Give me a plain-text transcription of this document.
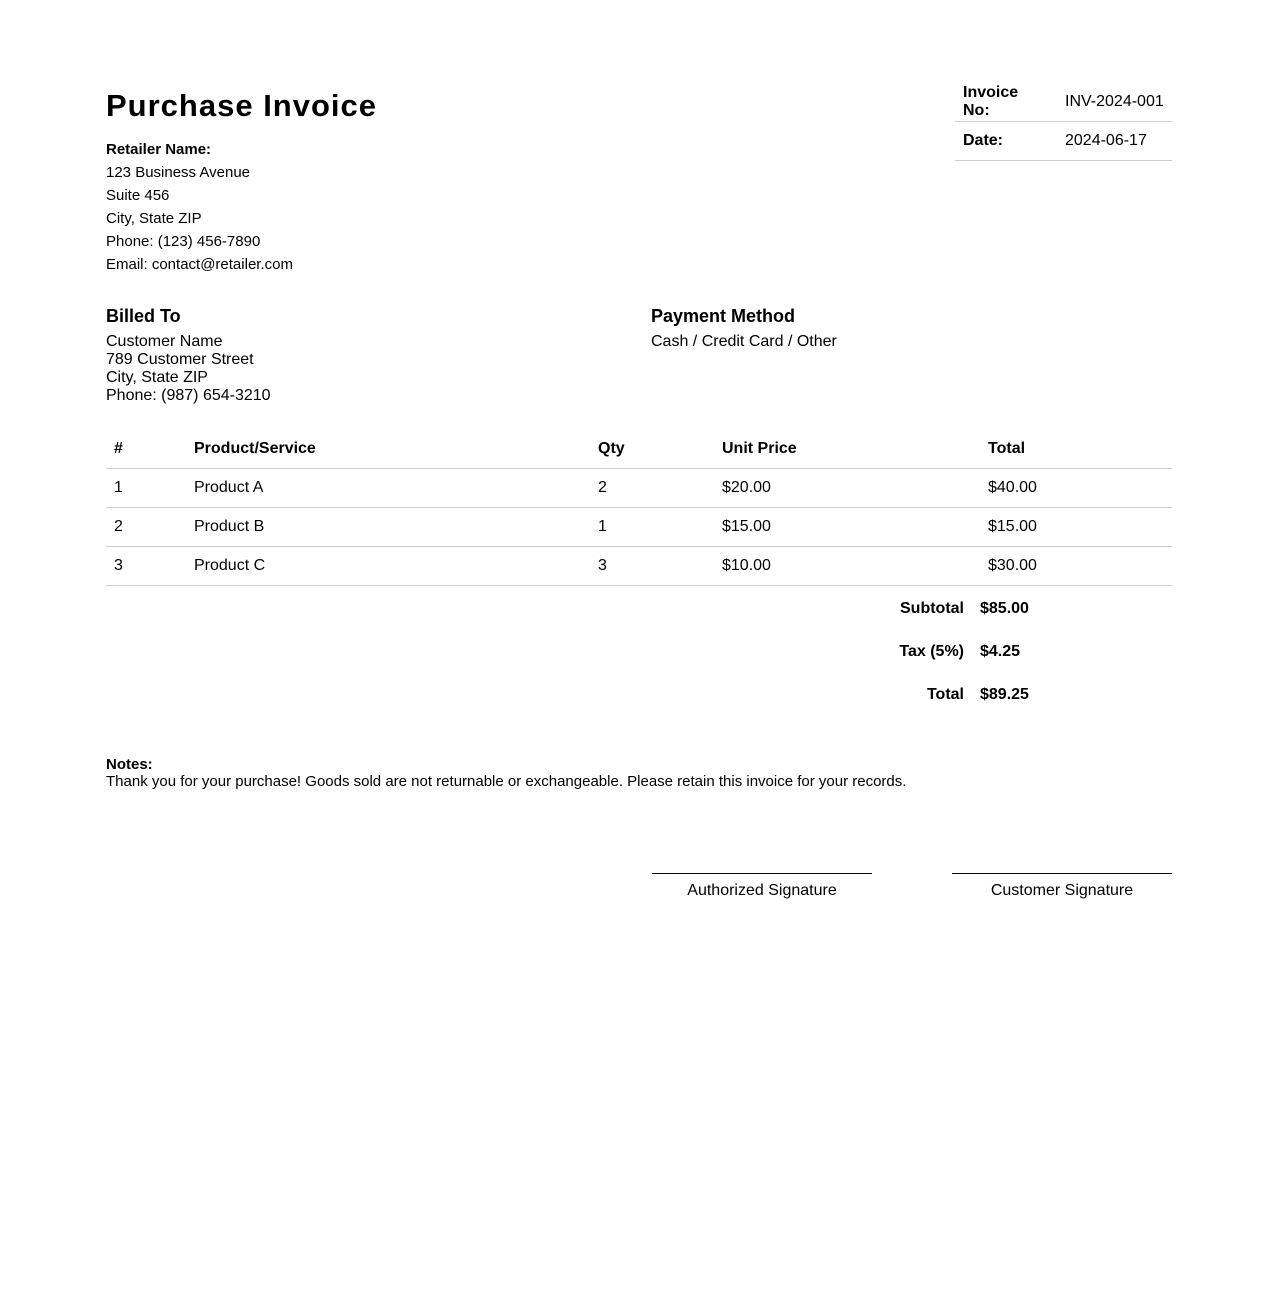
Purchase Invoice
Retailer Name:
123 Business Avenue
Suite 456
City, State ZIP
Phone: (123) 456-7890
Email: contact@retailer.com
Invoice No:	INV-2024-001
Date:	2024-06-17
Billed To
Customer Name
789 Customer Street
City, State ZIP
Phone: (987) 654-3210
Payment Method
Cash / Credit Card / Other
#	Product/Service	Qty	Unit Price	Total
1	Product A	2	$20.00	$40.00
2	Product B	1	$15.00	$15.00
3	Product C	3	$10.00	$30.00
Subtotal $85.00
Tax (5%) $4.25
Total $89.25
Notes:
Thank you for your purchase! Goods sold are not returnable or exchangeable. Please retain this invoice for your records.
Authorized Signature	Customer Signature
